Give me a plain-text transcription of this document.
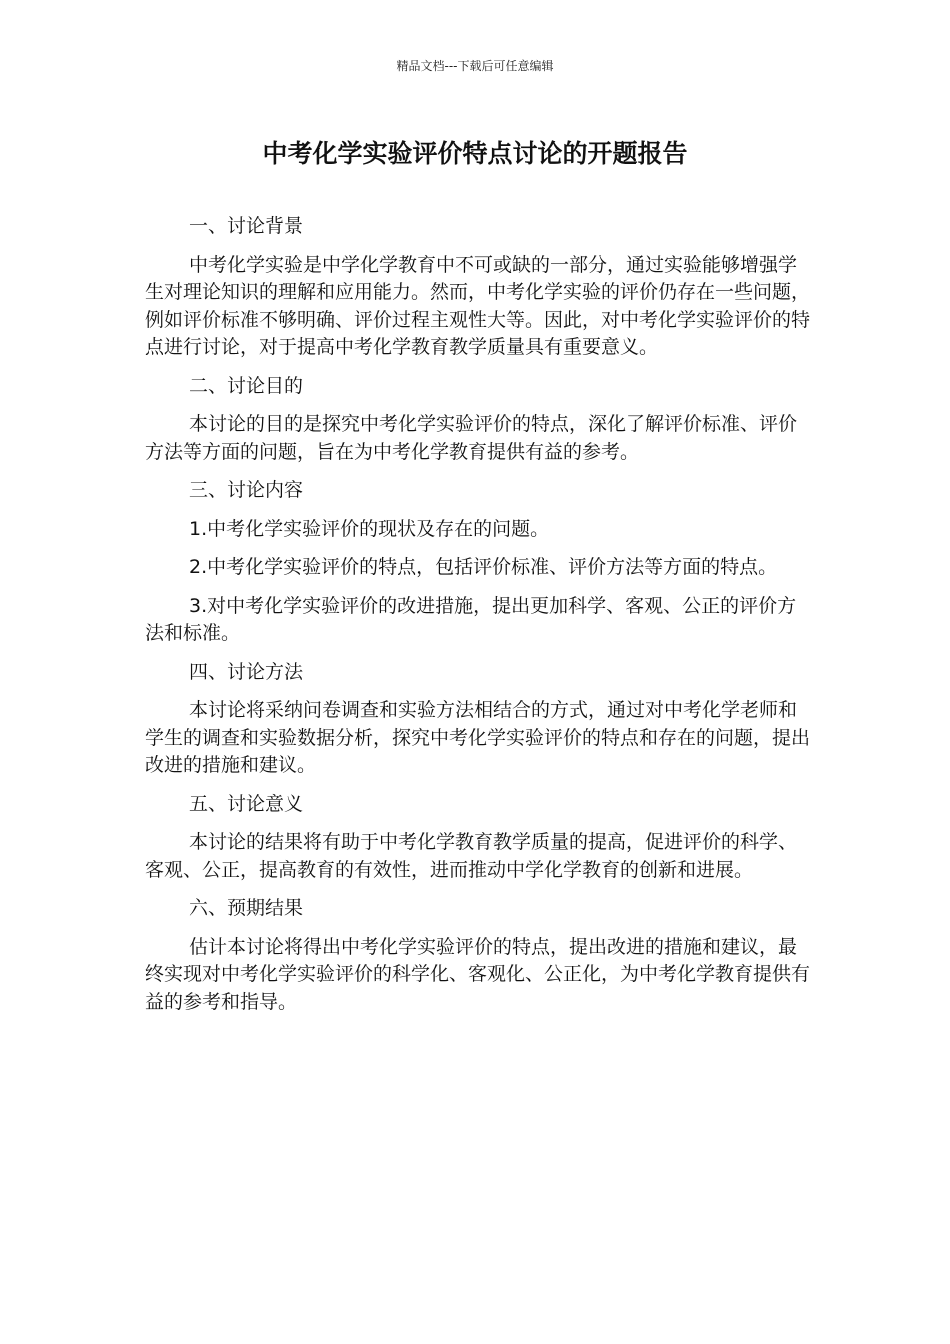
精品文档---下载后可任意编辑
中考化学实验评价特点讨论的开题报告

一、讨论背景

中考化学实验是中学化学教育中不可或缺的一部分，通过实验能够增强学生对理论知识的理解和应用能力。然而，中考化学实验的评价仍存在一些问题，例如评价标准不够明确、评价过程主观性大等。因此，对中考化学实验评价的特点进行讨论，对于提高中考化学教育教学质量具有重要意义。

二、讨论目的

本讨论的目的是探究中考化学实验评价的特点，深化了解评价标准、评价方法等方面的问题，旨在为中考化学教育提供有益的参考。

三、讨论内容

1.中考化学实验评价的现状及存在的问题。

2.中考化学实验评价的特点，包括评价标准、评价方法等方面的特点。

3.对中考化学实验评价的改进措施，提出更加科学、客观、公正的评价方法和标准。

四、讨论方法

本讨论将采纳问卷调查和实验方法相结合的方式，通过对中考化学老师和学生的调查和实验数据分析，探究中考化学实验评价的特点和存在的问题，提出改进的措施和建议。

五、讨论意义

本讨论的结果将有助于中考化学教育教学质量的提高，促进评价的科学、客观、公正，提高教育的有效性，进而推动中学化学教育的创新和进展。

六、预期结果

估计本讨论将得出中考化学实验评价的特点，提出改进的措施和建议，最终实现对中考化学实验评价的科学化、客观化、公正化，为中考化学教育提供有益的参考和指导。
